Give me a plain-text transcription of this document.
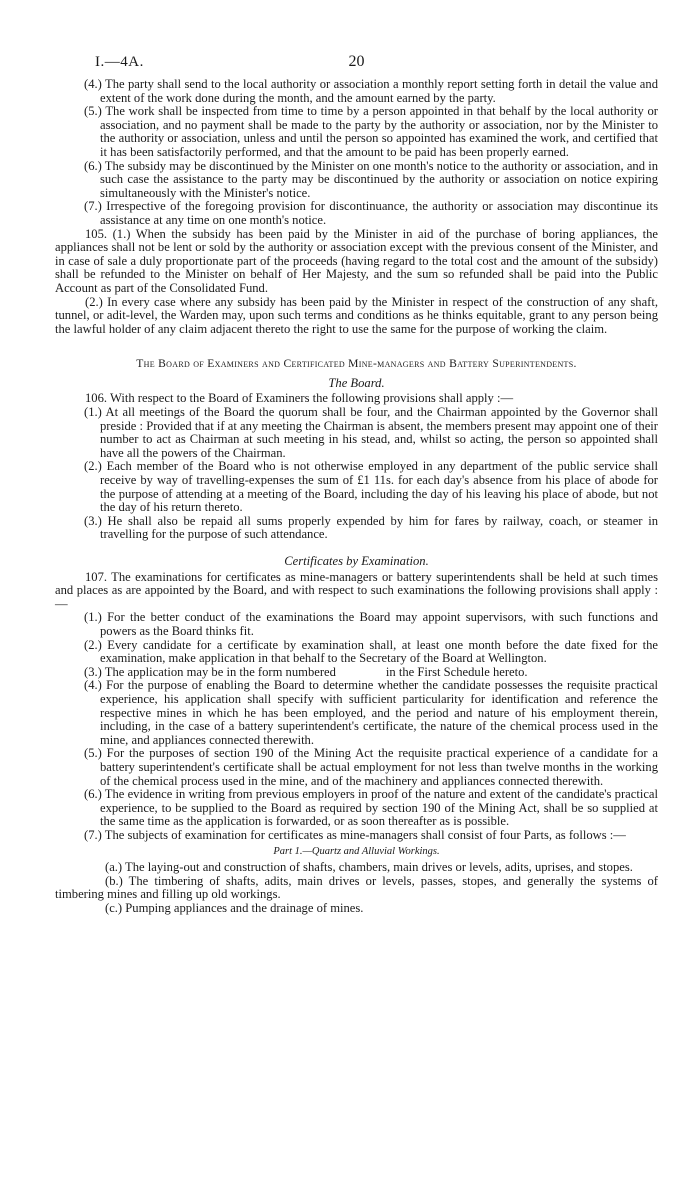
I.—4A.	20

(4.) The party shall send to the local authority or association a monthly report setting forth in detail the value and extent of the work done during the month, and the amount earned by the party.

(5.) The work shall be inspected from time to time by a person appointed in that behalf by the local authority or association, and no payment shall be made to the party by the authority or association, nor by the Minister to the authority or association, unless and until the person so appointed has examined the work, and certified that it has been satisfactorily performed, and that the amount to be paid has been properly earned.

(6.) The subsidy may be discontinued by the Minister on one month's notice to the authority or association, and in such case the assistance to the party may be discontinued by the authority or association on notice expiring simultaneously with the Minister's notice.

(7.) Irrespective of the foregoing provision for discontinuance, the authority or association may discontinue its assistance at any time on one month's notice.

105. (1.) When the subsidy has been paid by the Minister in aid of the purchase of boring appliances, the appliances shall not be lent or sold by the authority or association except with the previous consent of the Minister, and in case of sale a duly proportionate part of the proceeds (having regard to the total cost and the amount of the subsidy) shall be refunded to the Minister on behalf of Her Majesty, and the sum so refunded shall be paid into the Public Account as part of the Consolidated Fund.

(2.) In every case where any subsidy has been paid by the Minister in respect of the construction of any shaft, tunnel, or adit-level, the Warden may, upon such terms and conditions as he thinks equitable, grant to any person being the lawful holder of any claim adjacent thereto the right to use the same for the purpose of working the claim.

The Board of Examiners and Certificated Mine-managers and Battery Superintendents.

The Board.

106. With respect to the Board of Examiners the following provisions shall apply :—

(1.) At all meetings of the Board the quorum shall be four, and the Chairman appointed by the Governor shall preside : Provided that if at any meeting the Chairman is absent, the members present may appoint one of their number to act as Chairman at such meeting in his stead, and, whilst so acting, the person so appointed shall have all the powers of the Chairman.

(2.) Each member of the Board who is not otherwise employed in any department of the public service shall receive by way of travelling-expenses the sum of £1 11s. for each day's absence from his place of abode for the purpose of attending at a meeting of the Board, including the day of his leaving his place of abode, but not the day of his return thereto.

(3.) He shall also be repaid all sums properly expended by him for fares by railway, coach, or steamer in travelling for the purpose of such attendance.

Certificates by Examination.

107. The examinations for certificates as mine-managers or battery superintendents shall be held at such times and places as are appointed by the Board, and with respect to such examinations the following provisions shall apply :—

(1.) For the better conduct of the examinations the Board may appoint supervisors, with such functions and powers as the Board thinks fit.

(2.) Every candidate for a certificate by examination shall, at least one month before the date fixed for the examination, make application in that behalf to the Secretary of the Board at Wellington.

(3.) The application may be in the form numbered	in the First Schedule hereto.

(4.) For the purpose of enabling the Board to determine whether the candidate possesses the requisite practical experience, his application shall specify with sufficient particularity for identification and reference the respective mines in which he has been employed, and the period and nature of his employment therein, including, in the case of a battery superintendent's certificate, the nature of the chemical process used in the mine, and appliances connected therewith.

(5.) For the purposes of section 190 of the Mining Act the requisite practical experience of a candidate for a battery superintendent's certificate shall be actual employment for not less than twelve months in the working of the chemical process used in the mine, and of the machinery and appliances connected therewith.

(6.) The evidence in writing from previous employers in proof of the nature and extent of the candidate's practical experience, to be supplied to the Board as required by section 190 of the Mining Act, shall be so supplied at the same time as the application is forwarded, or as soon thereafter as is possible.

(7.) The subjects of examination for certificates as mine-managers shall consist of four Parts, as follows :—

Part 1.—Quartz and Alluvial Workings.

(a.) The laying-out and construction of shafts, chambers, main drives or levels, adits, uprises, and stopes.

(b.) The timbering of shafts, adits, main drives or levels, passes, stopes, and generally the systems of timbering mines and filling up old workings.

(c.) Pumping appliances and the drainage of mines.
